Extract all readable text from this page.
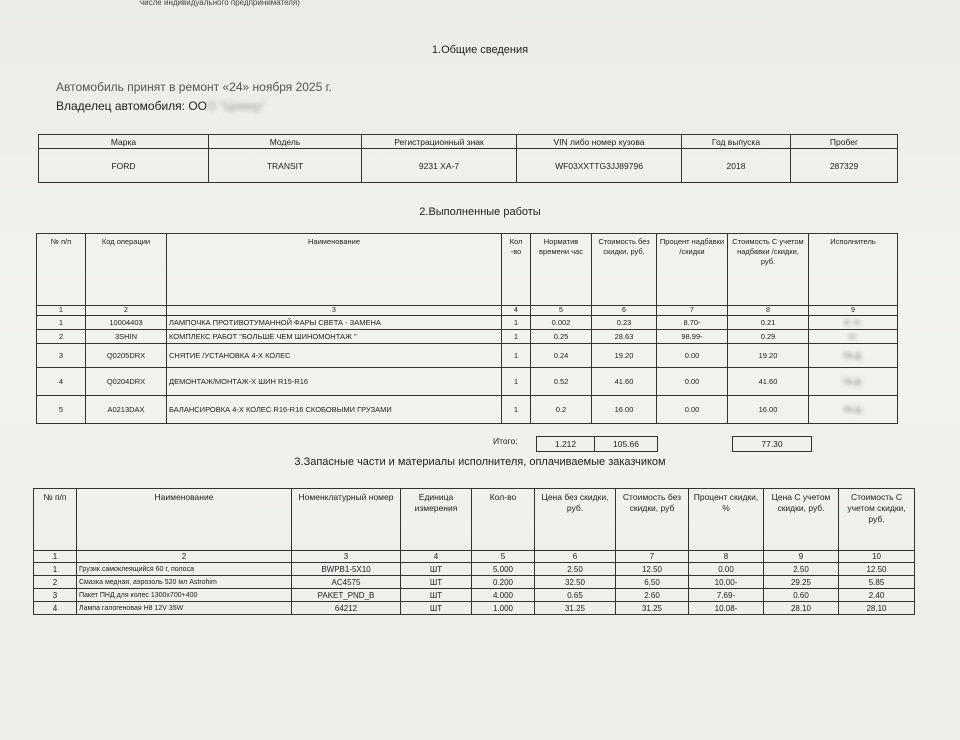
числе индивидуального предпринимателя)
1.Общие сведения
Автомобиль принят в ремонт «24» ноября 2025 г.
Владелец автомобиля: ООО "Цимир"
Марка	Модель	Регистрационный знак	VIN либо номер кузова	Год выпуска	Пробег
FORD	TRANSIT	9231 ХА-7	WF03XXTTG3JJ89796	2018	287329
2.Выполненные работы
№ п/п	Код операции	Наименование	Кол -во	Норматив времени час	Стоимость без скидки, руб.	Процент надбавки /скидки	Стоимость С учетом надбавки /скидки, руб.	Исполнитель
1	2	3	4	5	6	7	8	9
1	10004403	ЛАМПОЧКА ПРОТИВОТУМАННОЙ ФАРЫ СВЕТА - ЗАМЕНА	1	0.002	0.23	8.70-	0.21	Е. Н.
2	3SHIN	КОМПЛЕКС РАБОТ "БОЛЬШЕ ЧЕМ ШИНОМОНТАЖ "	1	0.25	28.63	98.99-	0.29	Н.
3	Q0205DRX	СНЯТИЕ /УСТАНОВКА 4-Х КОЛЕС	1	0.24	19.20	0.00	19.20	По Д.
4	Q0204DRX	ДЕМОНТАЖ/МОНТАЖ-Х ШИН R15-R16	1	0.52	41.60	0.00	41.60	По Д.
5	A0213DAX	БАЛАНСИРОВКА 4-Х КОЛЕС R16-R16 СКОБОВЫМИ ГРУЗАМИ	1	0.2	16.00	0.00	16.00	По Д.
Итого:	1.212	105.66	77.30
3.Запасные части и материалы исполнителя, оплачиваемые заказчиком
№ п/п	Наименование	Номенклатурный номер	Единица измерения	Кол-во	Цена без скидки, руб.	Стоимость без скидки, руб	Процент скидки, %	Цена С учетом скидки, руб.	Стоимость С учетом скидки, руб.
1	2	3	4	5	6	7	8	9	10
1	Грузик самоклеящийся 60 г, полоса	BWPB1-5X10	ШТ	5.000	2.50	12.50	0.00	2.50	12.50
2	Смазка медная, аэрозоль 520 мл Astrohim	AC4575	ШТ	0.200	32.50	6.50	10.00-	29.25	5.85
3	Пакет ПНД для колес 1300х700+400	PAKET_PND_B	ШТ	4.000	0.65	2.60	7.69-	0.60	2.40
4	Лампа галогеновая H8 12V 35W	64212	ШТ	1.000	31.25	31.25	10.08-	28.10	28.10
